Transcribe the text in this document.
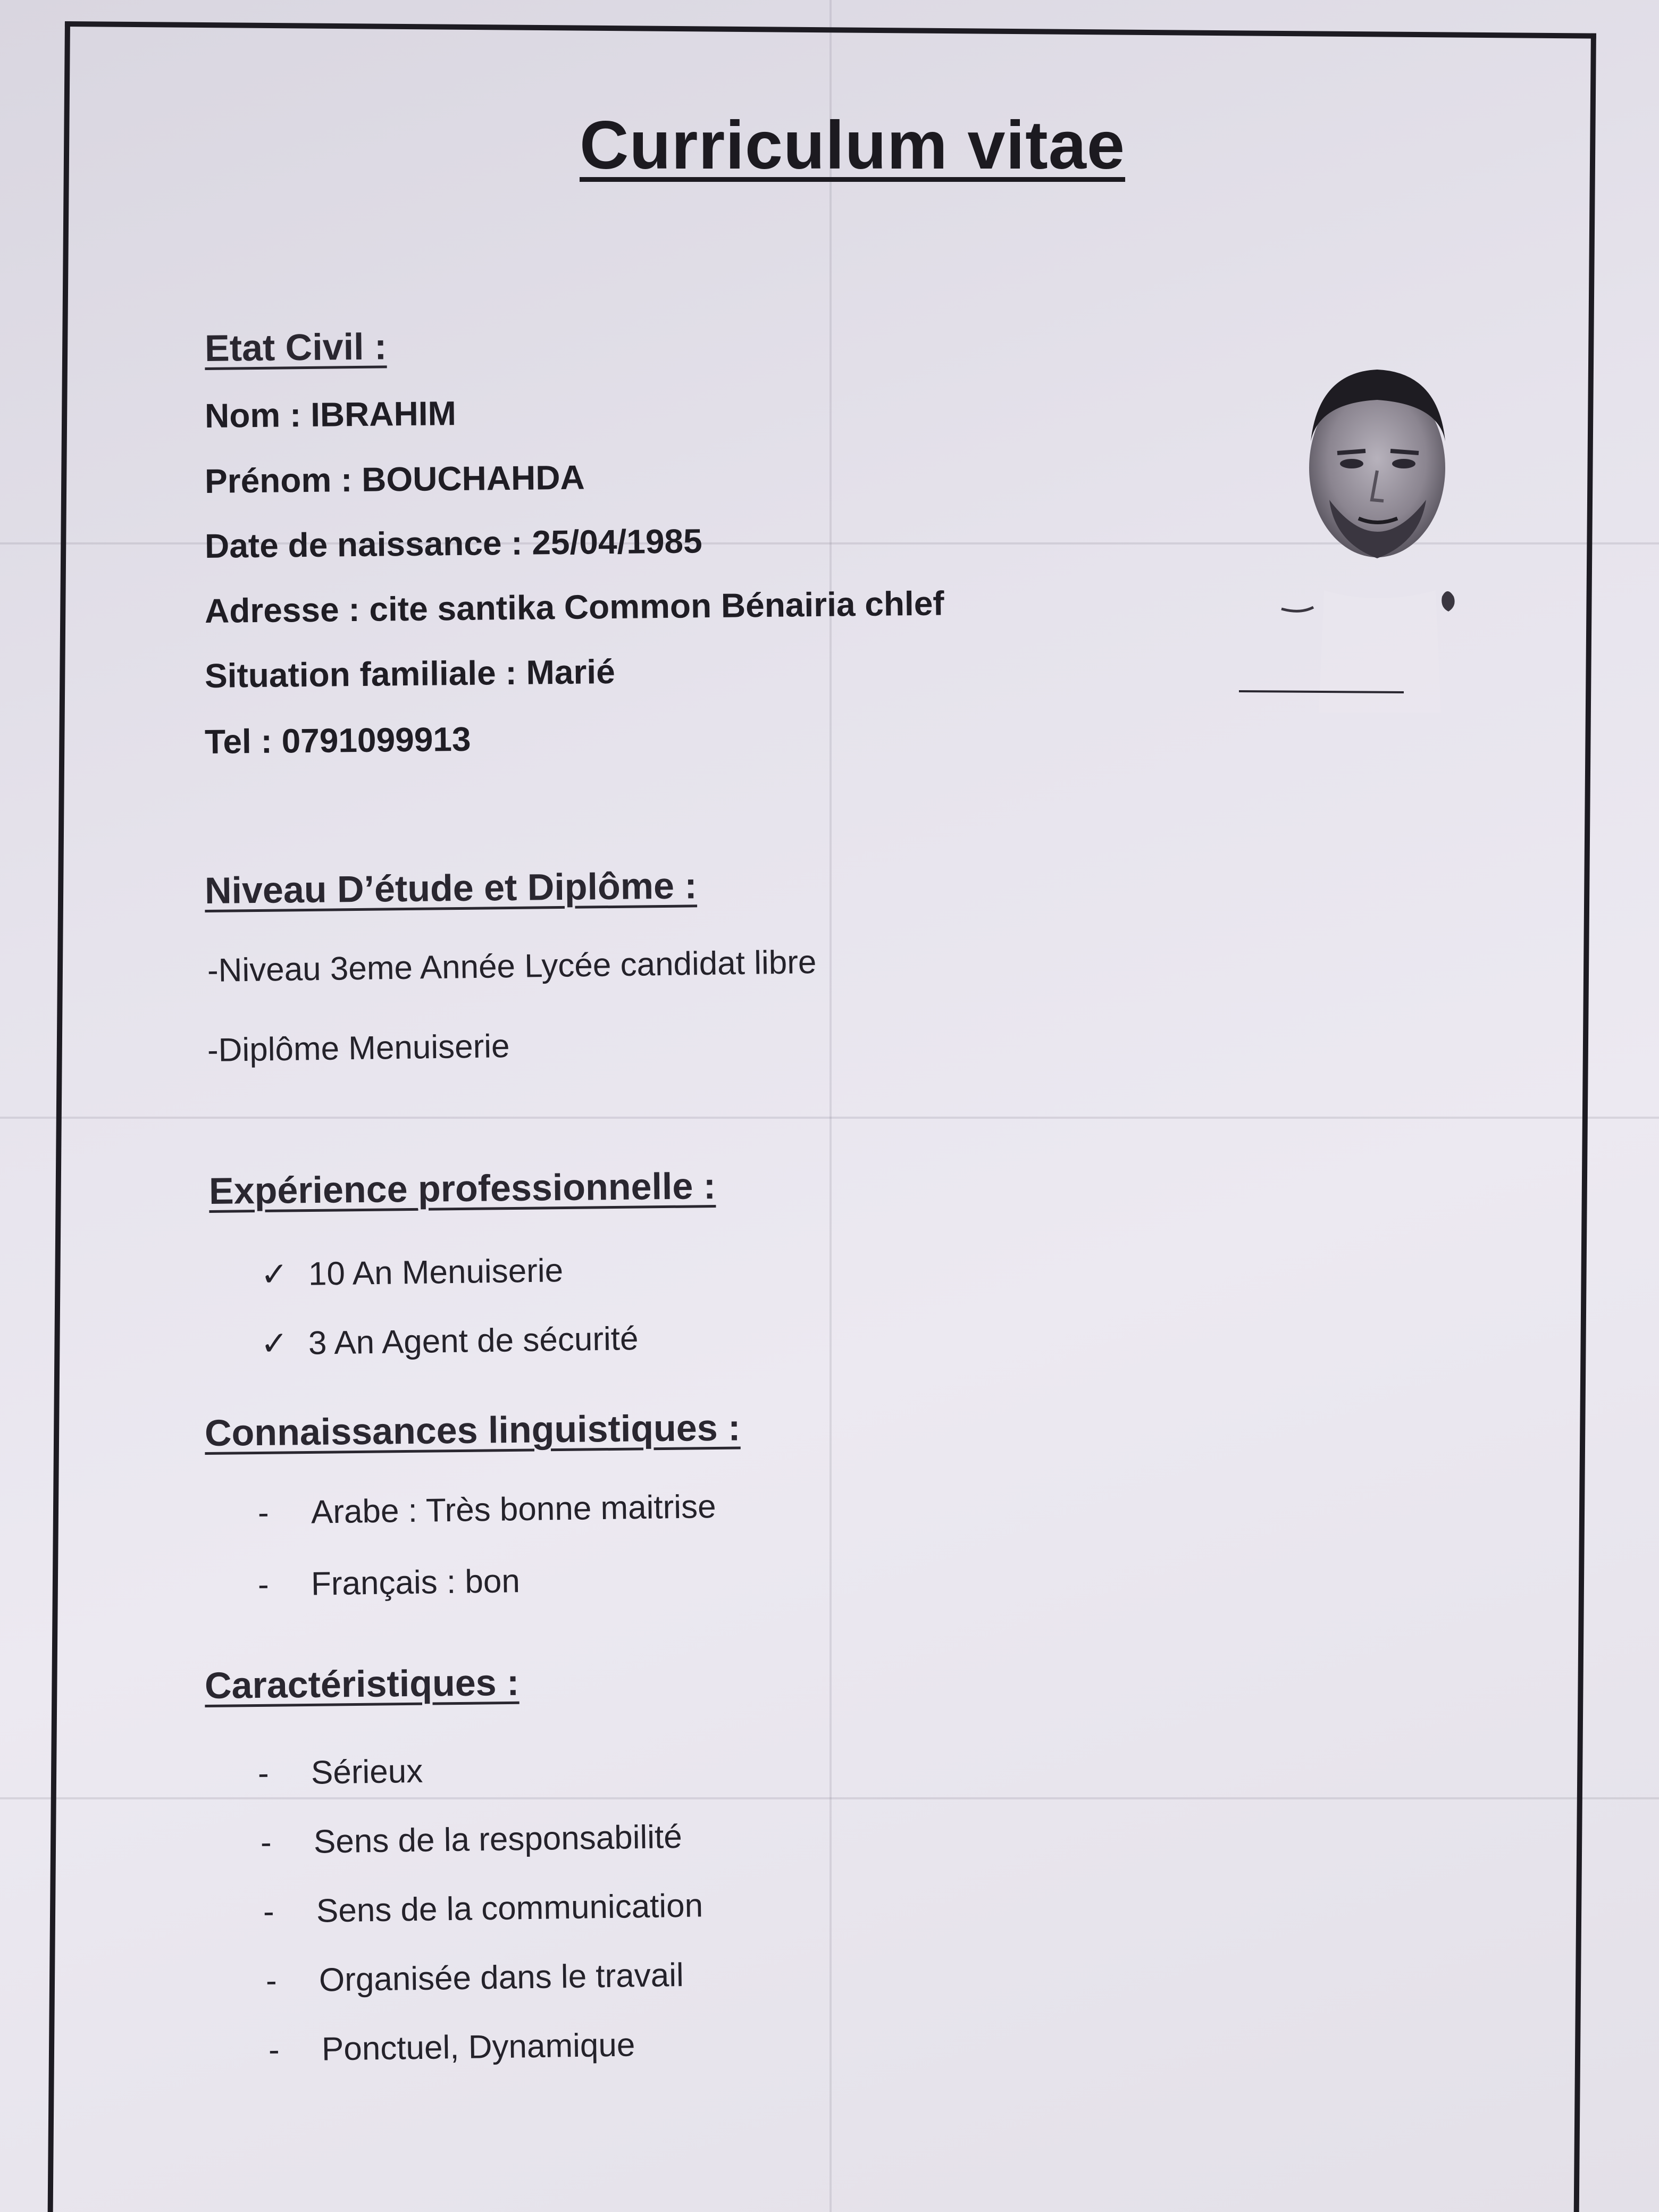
Curriculum vitae
Etat Civil :
Nom : IBRAHIM
Prénom : BOUCHAHDA
Date de naissance : 25/04/1985
Adresse : cite santika Common Bénairia chlef
Situation familiale : Marié
Tel : 0791099913
Niveau D’étude et Diplôme :
-Niveau 3eme Année Lycée candidat libre
-Diplôme Menuiserie
Expérience professionnelle :
✓ 10 An Menuiserie
✓ 3 An Agent de sécurité
Connaissances linguistiques :
- Arabe : Très bonne maitrise
- Français : bon
Caractéristiques :
- Sérieux
- Sens de la responsabilité
- Sens de la communication
- Organisée dans le travail
- Ponctuel, Dynamique
